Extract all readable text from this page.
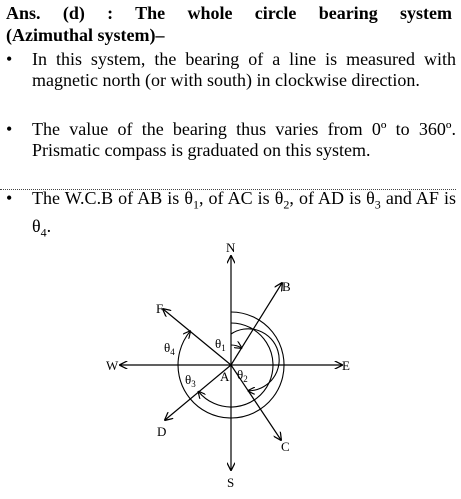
Ans. (d) : The whole circle bearing system
(Azimuthal system)–
• In this system, the bearing of a line is measured with magnetic north (or with south) in clockwise direction.
• The value of the bearing thus varies from 0º to 360º. Prismatic compass is graduated on this system.
• The W.C.B of AB is $\theta_1$, of AC is $\theta_2$, of AD is $\theta_3$ and AF is $\theta_4$.
N
S
W	E
B
C
D
F
A
$\theta_1$
$\theta_2$
$\theta_3$
$\theta_4$
